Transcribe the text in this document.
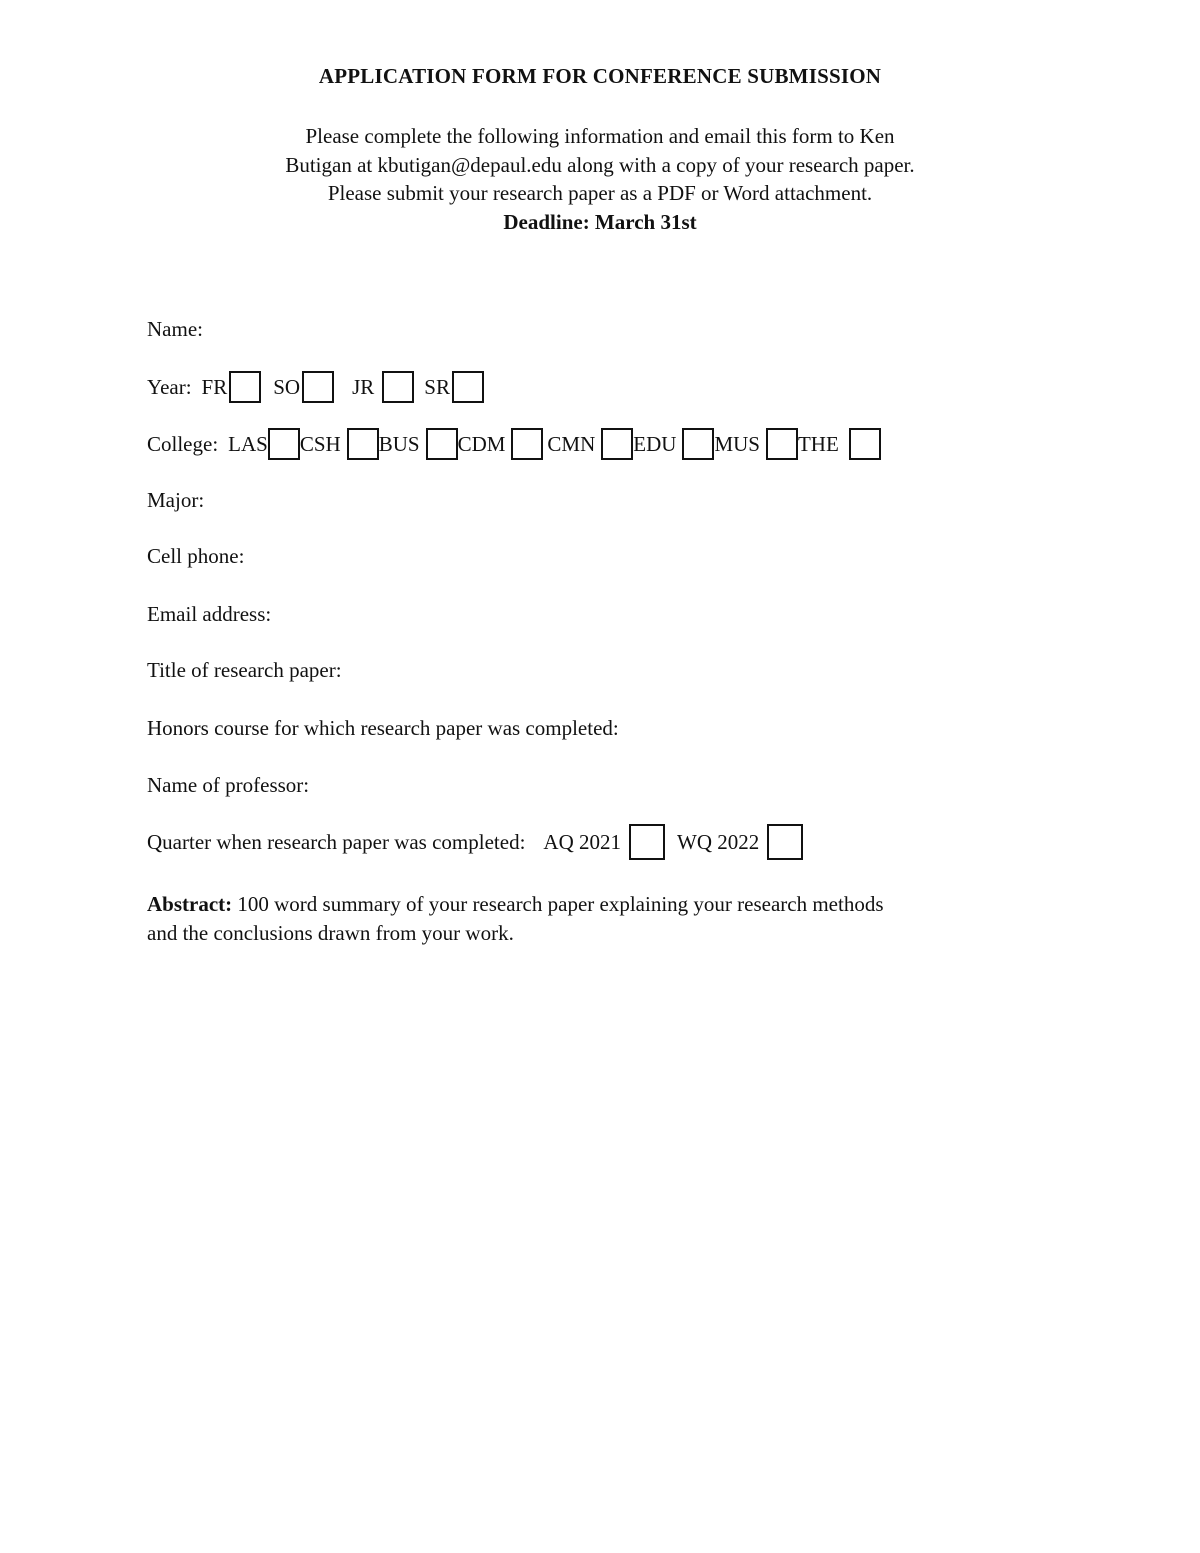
APPLICATION FORM FOR CONFERENCE SUBMISSION
Please complete the following information and email this form to Ken
Butigan at kbutigan@depaul.edu along with a copy of your research paper.
Please submit your research paper as a PDF or Word attachment.
Deadline: March 31st
Name:
Year: FR SO JR SR
College: LAS CSH BUS CDM CMN EDU MUS THE
Major:
Cell phone:
Email address:
Title of research paper:
Honors course for which research paper was completed:
Name of professor:
Quarter when research paper was completed: AQ 2021	WQ 2022
Abstract: 100 word summary of your research paper explaining your research methods and the conclusions drawn from your work.
